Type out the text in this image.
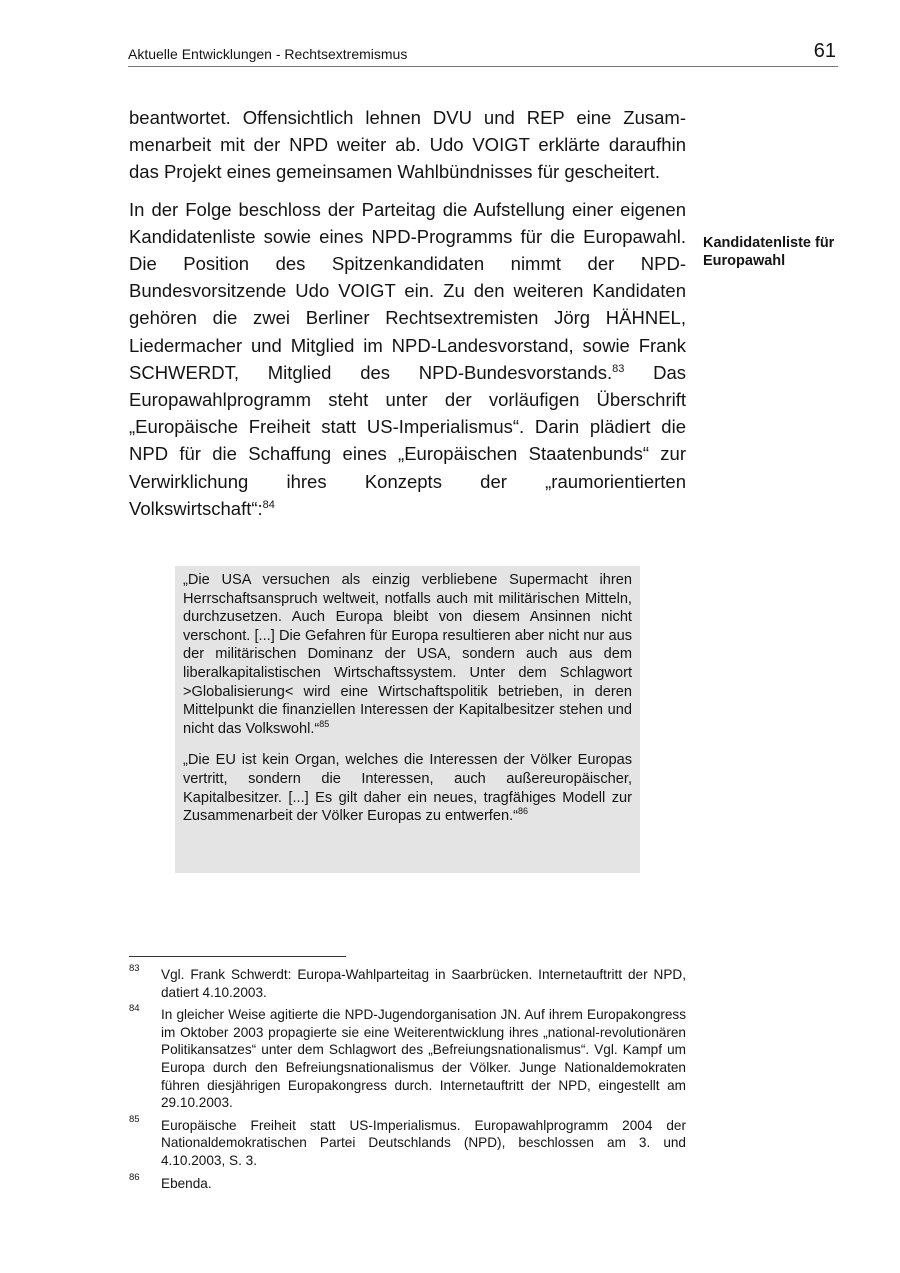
Aktuelle Entwicklungen - Rechtsextremismus	61

beantwortet. Offensichtlich lehnen DVU und REP eine Zusammenarbeit mit der NPD weiter ab. Udo VOIGT erklärte daraufhin das Projekt eines gemeinsamen Wahlbündnisses für gescheitert.

In der Folge beschloss der Parteitag die Aufstellung einer eigenen Kandidatenliste sowie eines NPD-Programms für die Europawahl. Die Position des Spitzenkandidaten nimmt der NPD-Bundesvorsitzende Udo VOIGT ein. Zu den weiteren Kandidaten gehören die zwei Berliner Rechtsextremisten Jörg HÄHNEL, Liedermacher und Mitglied im NPD-Landesvorstand, sowie Frank SCHWERDT, Mitglied des NPD-Bundesvorstands.$^{83}$ Das Europawahlprogramm steht unter der vorläufigen Überschrift „Europäische Freiheit statt US-Imperialismus“. Darin plädiert die NPD für die Schaffung eines „Europäischen Staatenbunds“ zur Verwirklichung ihres Konzepts der „raumorientierten Volkswirtschaft“:$^{84}$

Kandidatenliste für Europawahl

„Die USA versuchen als einzig verbliebene Supermacht ihren Herrschaftsanspruch weltweit, notfalls auch mit militärischen Mitteln, durchzusetzen. Auch Europa bleibt von diesem Ansinnen nicht verschont. [...] Die Gefahren für Europa resultieren aber nicht nur aus der militärischen Dominanz der USA, sondern auch aus dem liberalkapitalistischen Wirtschaftssystem. Unter dem Schlagwort >Globalisierung< wird eine Wirtschaftspolitik betrieben, in deren Mittelpunkt die finanziellen Interessen der Kapitalbesitzer stehen und nicht das Volkswohl.“$^{85}$

„Die EU ist kein Organ, welches die Interessen der Völker Europas vertritt, sondern die Interessen, auch außereuropäischer, Kapitalbesitzer. [...] Es gilt daher ein neues, tragfähiges Modell zur Zusammenarbeit der Völker Europas zu entwerfen.“$^{86}$

83 Vgl. Frank Schwerdt: Europa-Wahlparteitag in Saarbrücken. Internetauftritt der NPD, datiert 4.10.2003.
84 In gleicher Weise agitierte die NPD-Jugendorganisation JN. Auf ihrem Europakongress im Oktober 2003 propagierte sie eine Weiterentwicklung ihres „national-revolutionären Politikansatzes“ unter dem Schlagwort des „Befreiungsnationalismus“. Vgl. Kampf um Europa durch den Befreiungsnationalismus der Völker. Junge Nationaldemokraten führen diesjährigen Europakongress durch. Internetauftritt der NPD, eingestellt am 29.10.2003.
85 Europäische Freiheit statt US-Imperialismus. Europawahlprogramm 2004 der Nationaldemokratischen Partei Deutschlands (NPD), beschlossen am 3. und 4.10.2003, S. 3.
86 Ebenda.
